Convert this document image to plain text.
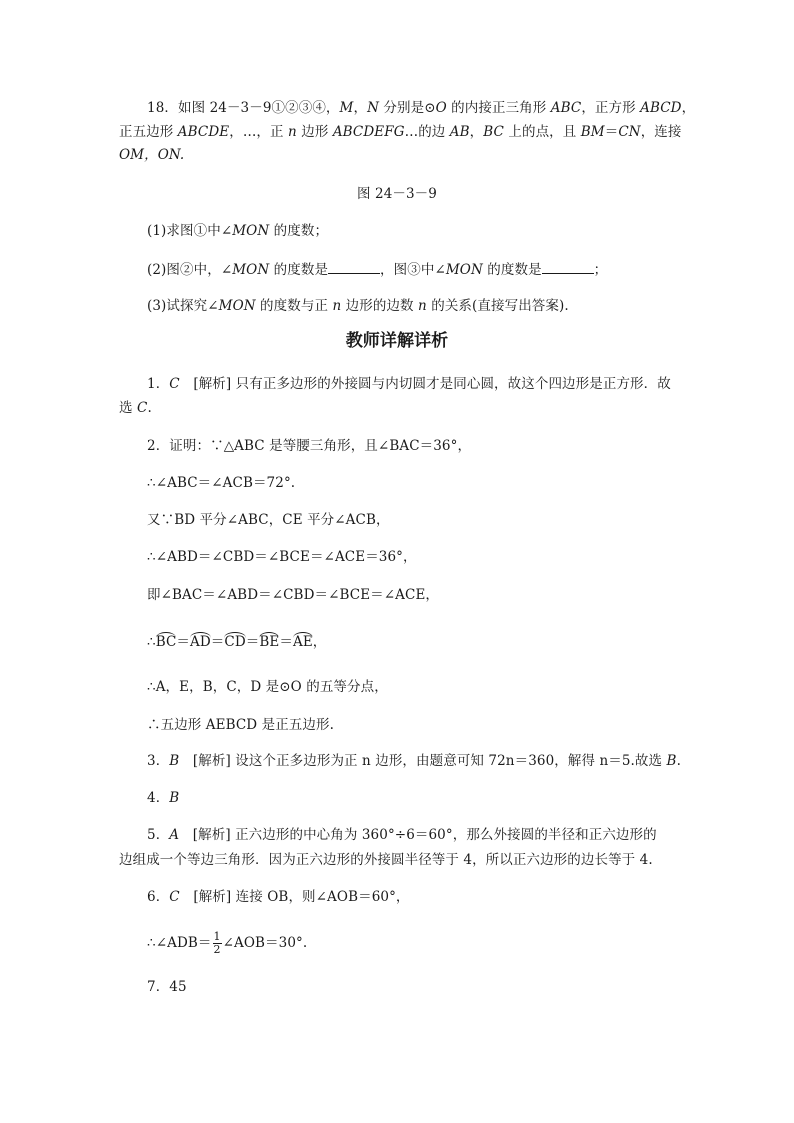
18．如图 24－3－9①②③④，M，N 分别是⊙O 的内接正三角形 ABC，正方形 ABCD，
正五边形 ABCDE，…，正 n 边形 ABCDEFG…的边 AB，BC 上的点，且 BM＝CN，连接
OM，ON.
图 24－3－9
(1)求图①中∠MON 的度数；
(2)图②中，∠MON 的度数是	，图③中∠MON 的度数是	；
(3)试探究∠MON 的度数与正 n 边形的边数 n 的关系(直接写出答案).
教师详解详析
1．C　[解析] 只有正多边形的外接圆与内切圆才是同心圆，故这个四边形是正方形．故
选 C.
2．证明：∵△ABC 是等腰三角形，且∠BAC＝36°，
∴∠ABC＝∠ACB＝72°.
又∵BD 平分∠ABC，CE 平分∠ACB，
∴∠ABD＝∠CBD＝∠BCE＝∠ACE＝36°，
即∠BAC＝∠ABD＝∠CBD＝∠BCE＝∠ACE，
∴BC＝AD＝CD＝BE＝AE，
∴A，E，B，C，D 是⊙O 的五等分点，
∴五边形 AEBCD 是正五边形.
3．B　[解析] 设这个正多边形为正 n 边形，由题意可知 72n＝360，解得 n＝5.故选 B.
4．B
5．A　[解析] 正六边形的中心角为 360°÷6＝60°，那么外接圆的半径和正六边形的
边组成一个等边三角形．因为正六边形的外接圆半径等于 4，所以正六边形的边长等于 4.
6．C　[解析] 连接 OB，则∠AOB＝60°，
∴∠ADB＝ $\frac{1}{2}$ ∠AOB＝30°.
7．45
